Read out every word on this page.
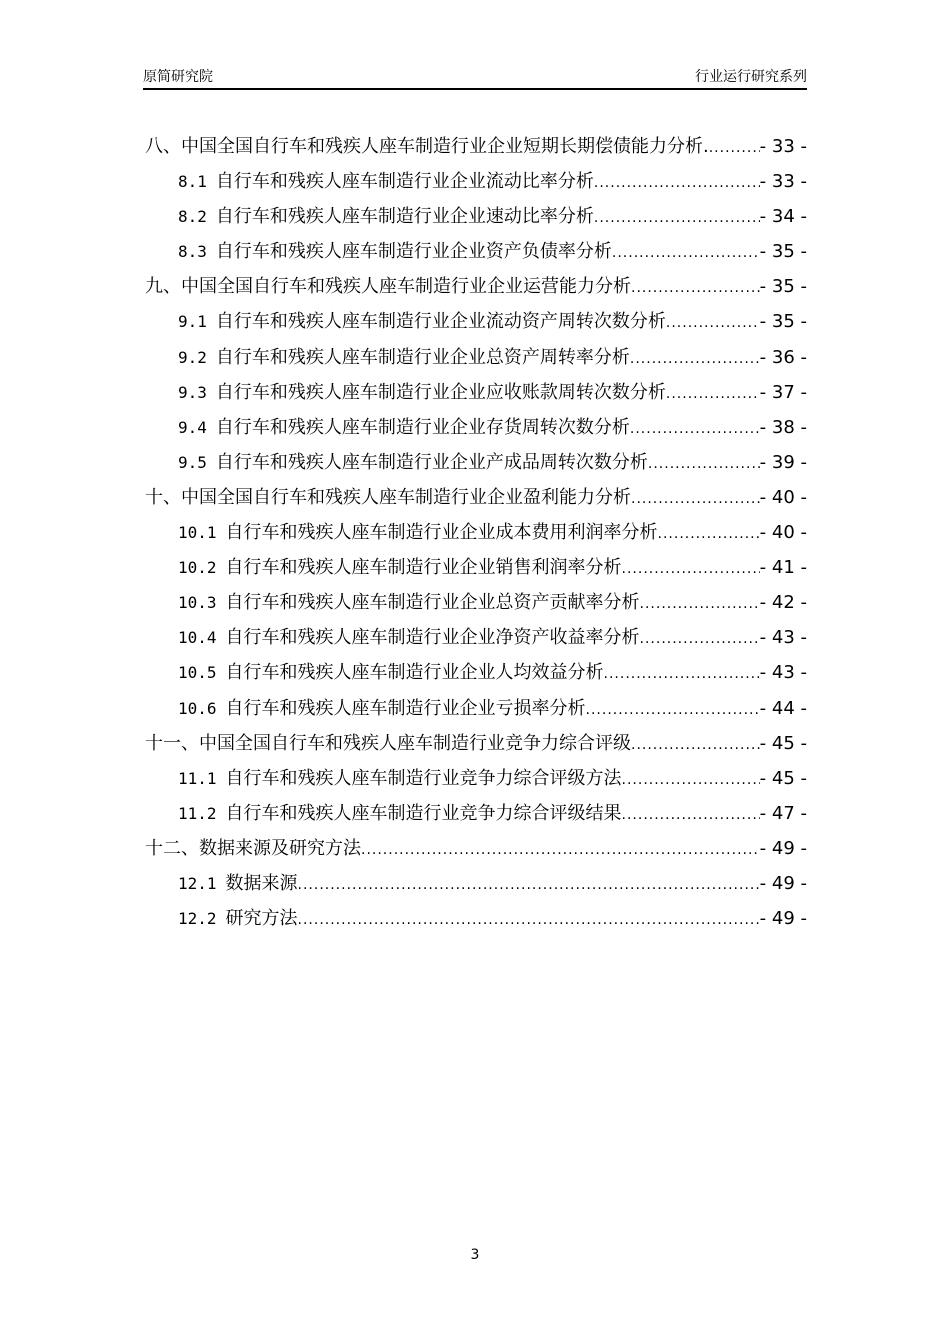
原简研究院	行业运行研究系列
八、中国全国自行车和残疾人座车制造行业企业短期长期偿债能力分析. .....	- 33 -
8.1 自行车和残疾人座车制造行业企业流动比率分析 .....	- 33 -
8.2 自行车和残疾人座车制造行业企业速动比率分析 .....	- 34 -
8.3 自行车和残疾人座车制造行业企业资产负债率分析 .....	- 35 -
九、中国全国自行车和残疾人座车制造行业企业运营能力分析 .....	- 35 -
9.1 自行车和残疾人座车制造行业企业流动资产周转次数分析 .....	- 35 -
9.2 自行车和残疾人座车制造行业企业总资产周转率分析 .....	- 36 -
9.3 自行车和残疾人座车制造行业企业应收账款周转次数分析 .....	- 37 -
9.4 自行车和残疾人座车制造行业企业存货周转次数分析 .....	- 38 -
9.5 自行车和残疾人座车制造行业企业产成品周转次数分析 .....	- 39 -
十、中国全国自行车和残疾人座车制造行业企业盈利能力分析 .....	- 40 -
10.1 自行车和残疾人座车制造行业企业成本费用利润率分析 .....	- 40 -
10.2 自行车和残疾人座车制造行业企业销售利润率分析 .....	- 41 -
10.3 自行车和残疾人座车制造行业企业总资产贡献率分析 .....	- 42 -
10.4 自行车和残疾人座车制造行业企业净资产收益率分析 .....	- 43 -
10.5 自行车和残疾人座车制造行业企业人均效益分析 .....	- 43 -
10.6 自行车和残疾人座车制造行业企业亏损率分析 .....	- 44 -
十一、中国全国自行车和残疾人座车制造行业竞争力综合评级 .....	- 45 -
11.1 自行车和残疾人座车制造行业竞争力综合评级方法 .....	- 45 -
11.2 自行车和残疾人座车制造行业竞争力综合评级结果 .....	- 47 -
十二、数据来源及研究方法 .....	- 49 -
12.1 数据来源 .....	- 49 -
12.2 研究方法 .....	- 49 -
3
